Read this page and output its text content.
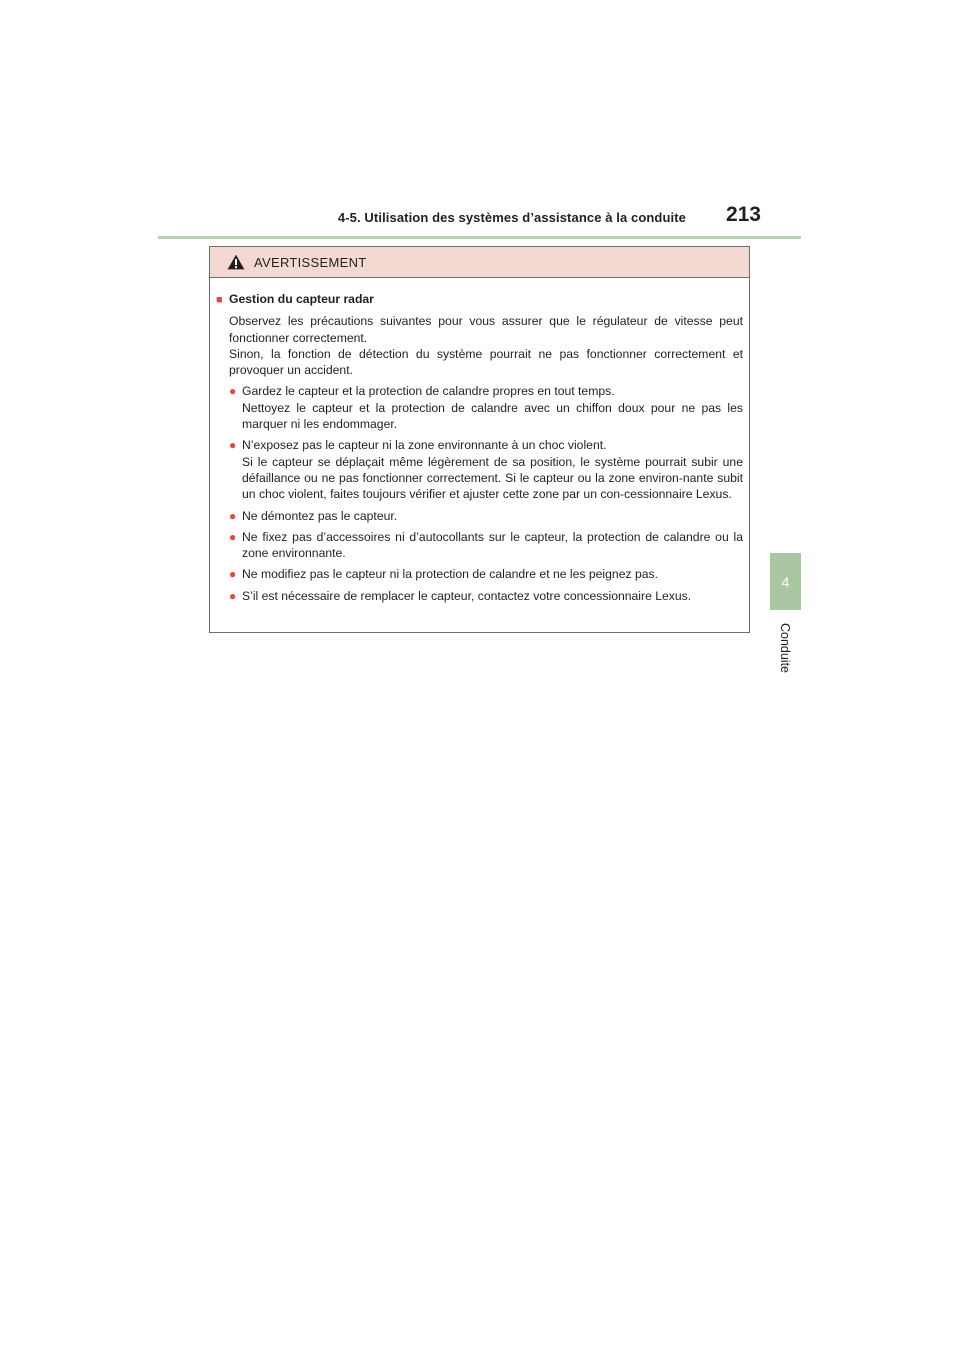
4-5. Utilisation des systèmes d’assistance à la conduite 213
4
Conduite
AVERTISSEMENT
■ Gestion du capteur radar

Observez les précautions suivantes pour vous assurer que le régulateur de vitesse peut fonctionner correctement.

Sinon, la fonction de détection du système pourrait ne pas fonctionner correctement et provoquer un accident.

● Gardez le capteur et la protection de calandre propres en tout temps.

Nettoyez le capteur et la protection de calandre avec un chiffon doux pour ne pas les marquer ni les endommager.

● N’exposez pas le capteur ni la zone environnante à un choc violent.

Si le capteur se déplaçait même légèrement de sa position, le système pourrait subir une défaillance ou ne pas fonctionner correctement. Si le capteur ou la zone environ-nante subit un choc violent, faites toujours vérifier et ajuster cette zone par un con-cessionnaire Lexus.

● Ne démontez pas le capteur.

● Ne fixez pas d’accessoires ni d’autocollants sur le capteur, la protection de calandre ou la zone environnante.

● Ne modifiez pas le capteur ni la protection de calandre et ne les peignez pas.

● S’il est nécessaire de remplacer le capteur, contactez votre concessionnaire Lexus.
